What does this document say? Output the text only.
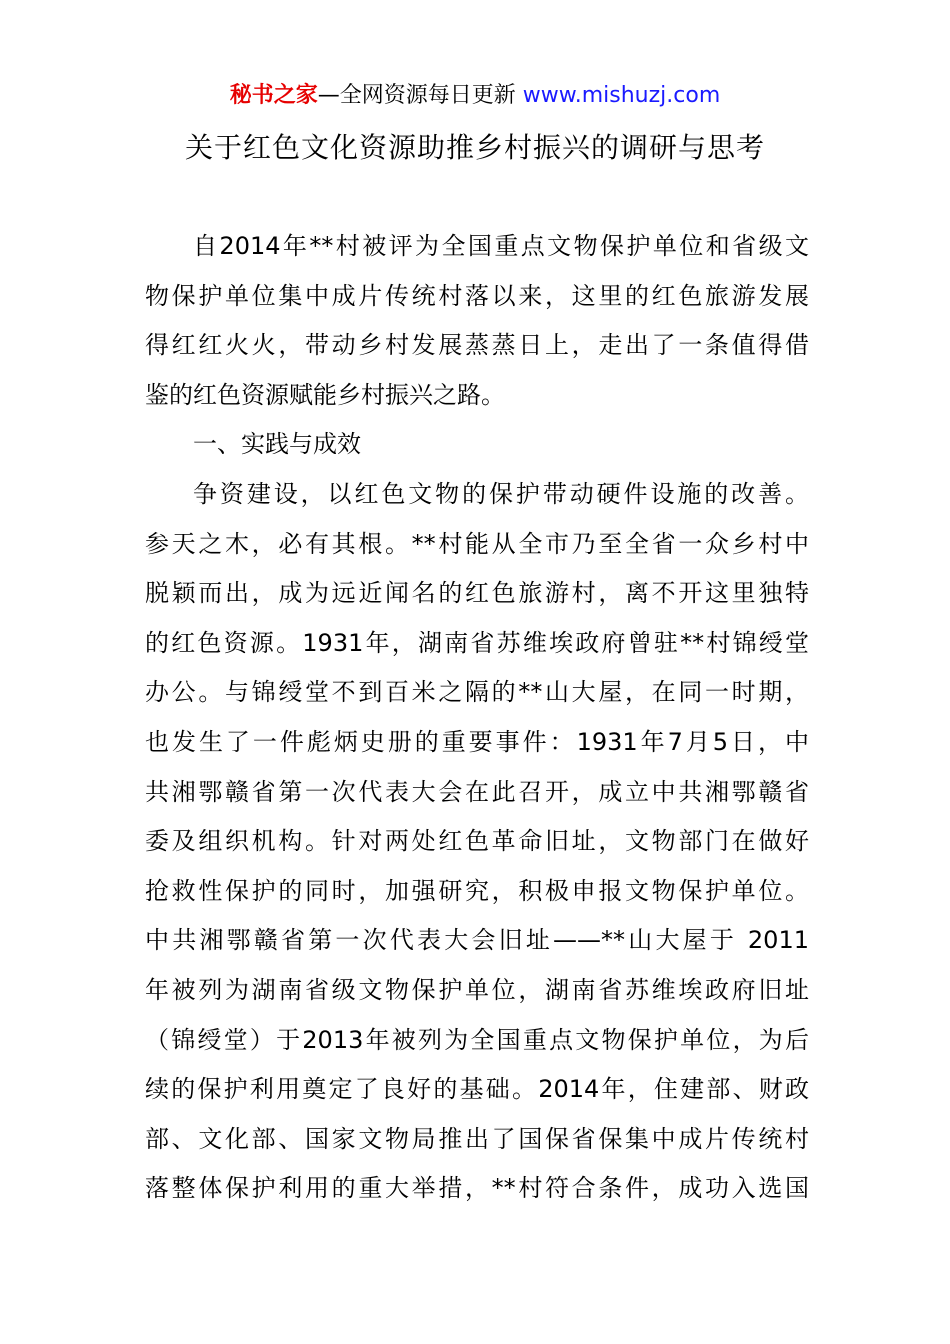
秘书之家—全网资源每日更新 www.mishuzj.com
关于红色文化资源助推乡村振兴的调研与思考
自2014年**村被评为全国重点文物保护单位和省级文
物保护单位集中成片传统村落以来，这里的红色旅游发展
得红红火火，带动乡村发展蒸蒸日上，走出了一条值得借
鉴的红色资源赋能乡村振兴之路。
一、实践与成效
争资建设，以红色文物的保护带动硬件设施的改善。
参天之木，必有其根。**村能从全市乃至全省一众乡村中
脱颖而出，成为远近闻名的红色旅游村，离不开这里独特
的红色资源。1931年，湖南省苏维埃政府曾驻**村锦绶堂
办公。与锦绶堂不到百米之隔的**山大屋，在同一时期，
也发生了一件彪炳史册的重要事件：1931年7月5日，中
共湘鄂赣省第一次代表大会在此召开，成立中共湘鄂赣省
委及组织机构。针对两处红色革命旧址，文物部门在做好
抢救性保护的同时，加强研究，积极申报文物保护单位。
中共湘鄂赣省第一次代表大会旧址——**山大屋于 2011
年被列为湖南省级文物保护单位，湖南省苏维埃政府旧址
（锦绶堂）于2013年被列为全国重点文物保护单位，为后
续的保护利用奠定了良好的基础。2014年，住建部、财政
部、文化部、国家文物局推出了国保省保集中成片传统村
落整体保护利用的重大举措，**村符合条件，成功入选国
